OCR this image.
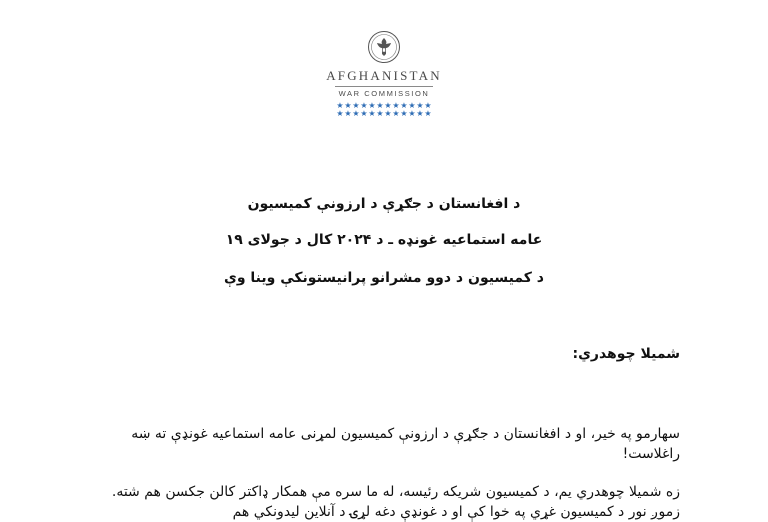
AFGHANISTAN
WAR COMMISSION
★ ★ ★ ★ ★ ★ ★ ★ ★ ★ ★ ★
★ ★ ★ ★ ★ ★ ★ ★ ★ ★ ★ ★
د افغانستان د جګړې د ارزونې کمیسیون
عامه استماعیه غونډه ـ د ۲۰۲۴ کال د جولای ۱۹
د کمیسیون د دوو مشرانو پرانیستونکې وینا وې
شمیلا چوهدري:
سهارمو په خیر، او د افغانستان د جګړې د ارزونې کمیسیون لمړنی عامه استماعیه غونډې ته ښه راغلاست!
زه شمیلا چوهدري یم، د کمیسیون شریکه رئیسه، له ما سره مې همکار ډاکتر کالن جکسن هم شته. زموږ نور د کمیسیون غړي په خوا کې او د غونډې دغه لړۍ د آنلاین لیدونکي هم
